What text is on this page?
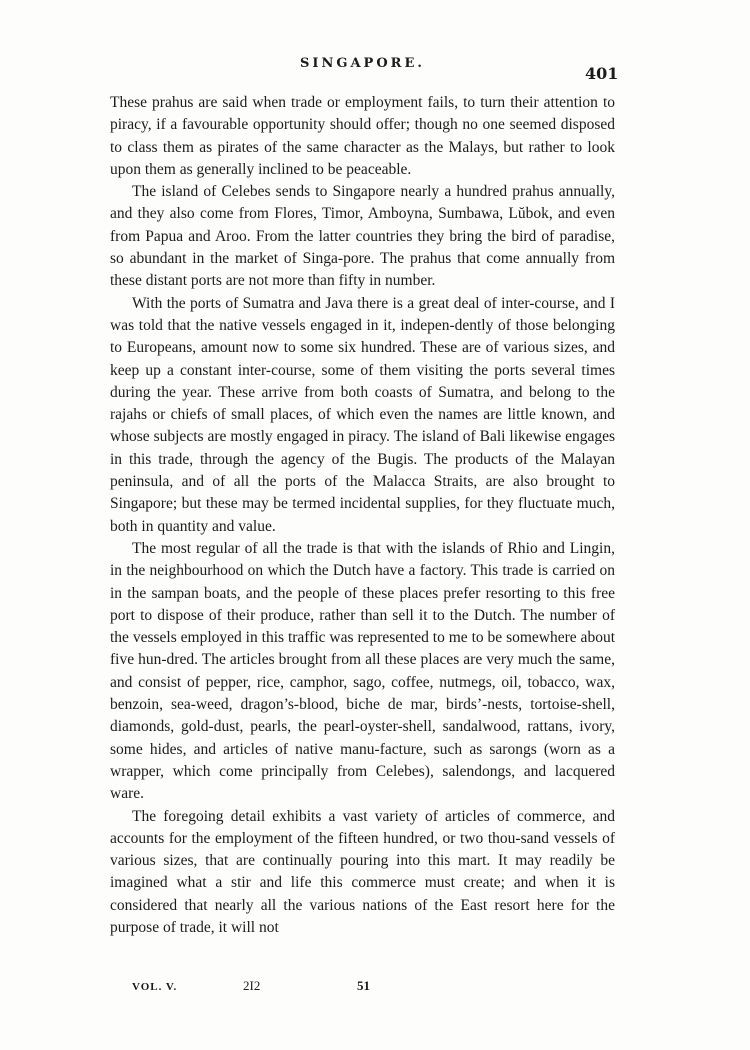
SINGAPORE.
401

These prahus are said when trade or employment fails, to turn their attention to piracy, if a favourable opportunity should offer; though no one seemed disposed to class them as pirates of the same character as the Malays, but rather to look upon them as generally inclined to be peaceable.

The island of Celebes sends to Singapore nearly a hundred prahus annually, and they also come from Flores, Timor, Amboyna, Sumbawa, Lŭbok, and even from Papua and Aroo. From the latter countries they bring the bird of paradise, so abundant in the market of Singa-pore. The prahus that come annually from these distant ports are not more than fifty in number.

With the ports of Sumatra and Java there is a great deal of inter-course, and I was told that the native vessels engaged in it, indepen-dently of those belonging to Europeans, amount now to some six hundred. These are of various sizes, and keep up a constant inter-course, some of them visiting the ports several times during the year. These arrive from both coasts of Sumatra, and belong to the rajahs or chiefs of small places, of which even the names are little known, and whose subjects are mostly engaged in piracy. The island of Bali likewise engages in this trade, through the agency of the Bugis. The products of the Malayan peninsula, and of all the ports of the Malacca Straits, are also brought to Singapore; but these may be termed incidental supplies, for they fluctuate much, both in quantity and value.

The most regular of all the trade is that with the islands of Rhio and Lingin, in the neighbourhood on which the Dutch have a factory. This trade is carried on in the sampan boats, and the people of these places prefer resorting to this free port to dispose of their produce, rather than sell it to the Dutch. The number of the vessels employed in this traffic was represented to me to be somewhere about five hun-dred. The articles brought from all these places are very much the same, and consist of pepper, rice, camphor, sago, coffee, nutmegs, oil, tobacco, wax, benzoin, sea-weed, dragon’s-blood, biche de mar, birds’-nests, tortoise-shell, diamonds, gold-dust, pearls, the pearl-oyster-shell, sandalwood, rattans, ivory, some hides, and articles of native manu-facture, such as sarongs (worn as a wrapper, which come principally from Celebes), salendongs, and lacquered ware.

The foregoing detail exhibits a vast variety of articles of commerce, and accounts for the employment of the fifteen hundred, or two thou-sand vessels of various sizes, that are continually pouring into this mart. It may readily be imagined what a stir and life this commerce must create; and when it is considered that nearly all the various nations of the East resort here for the purpose of trade, it will not

VOL. V.	2I2	51
